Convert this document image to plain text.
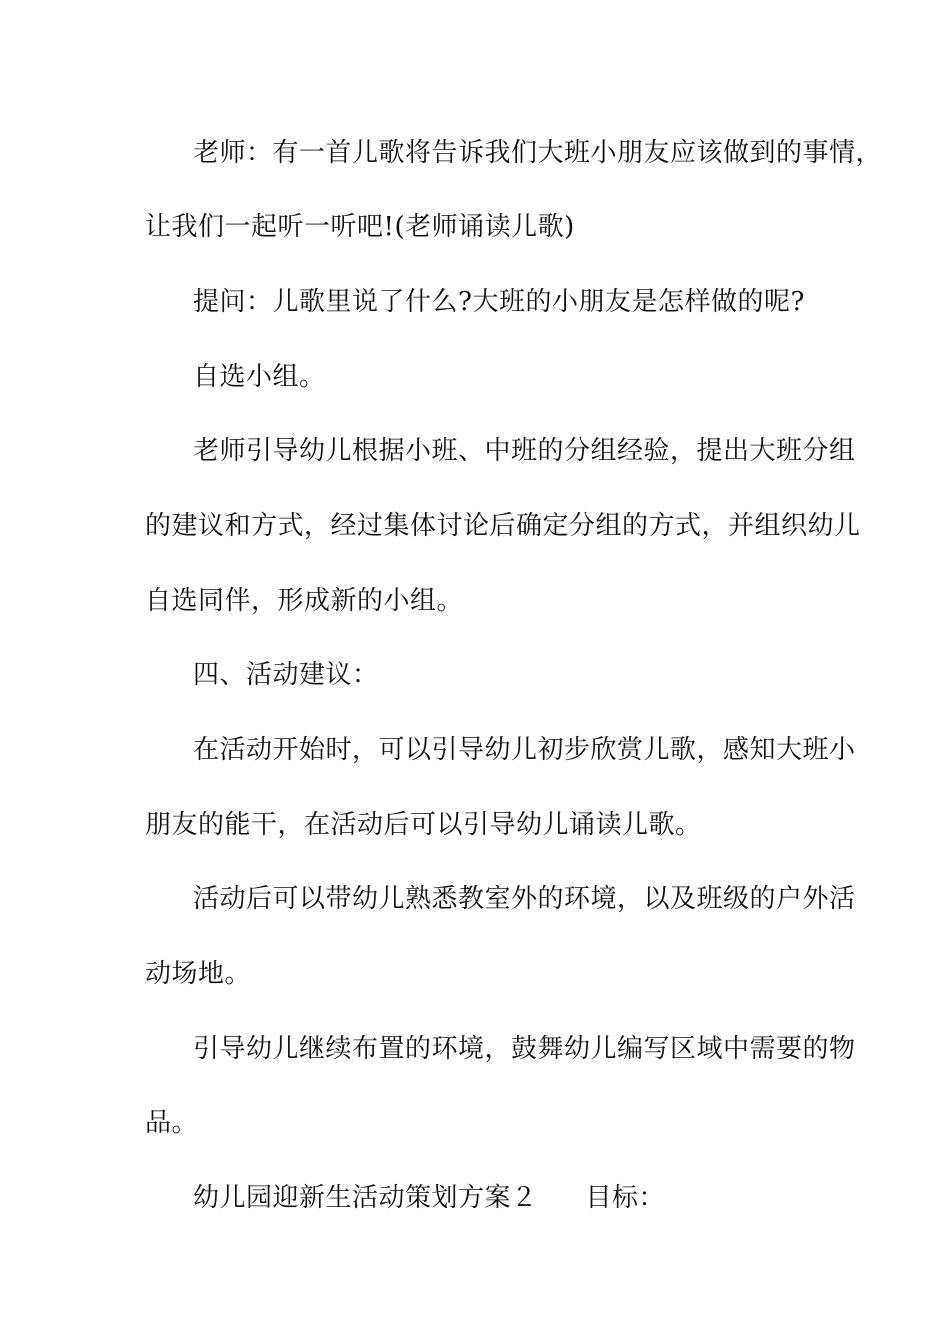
老师：有一首儿歌将告诉我们大班小朋友应该做到的事情，
让我们一起听一听吧!(老师诵读儿歌)
提问：儿歌里说了什么?大班的小朋友是怎样做的呢?
自选小组。
老师引导幼儿根据小班、中班的分组经验，提出大班分组
的建议和方式，经过集体讨论后确定分组的方式，并组织幼儿
自选同伴，形成新的小组。
四、活动建议：
在活动开始时，可以引导幼儿初步欣赏儿歌，感知大班小
朋友的能干，在活动后可以引导幼儿诵读儿歌。
活动后可以带幼儿熟悉教室外的环境，以及班级的户外活
动场地。
引导幼儿继续布置的环境，鼓舞幼儿编写区域中需要的物
品。
幼儿园迎新生活动策划方案２ 目标：
